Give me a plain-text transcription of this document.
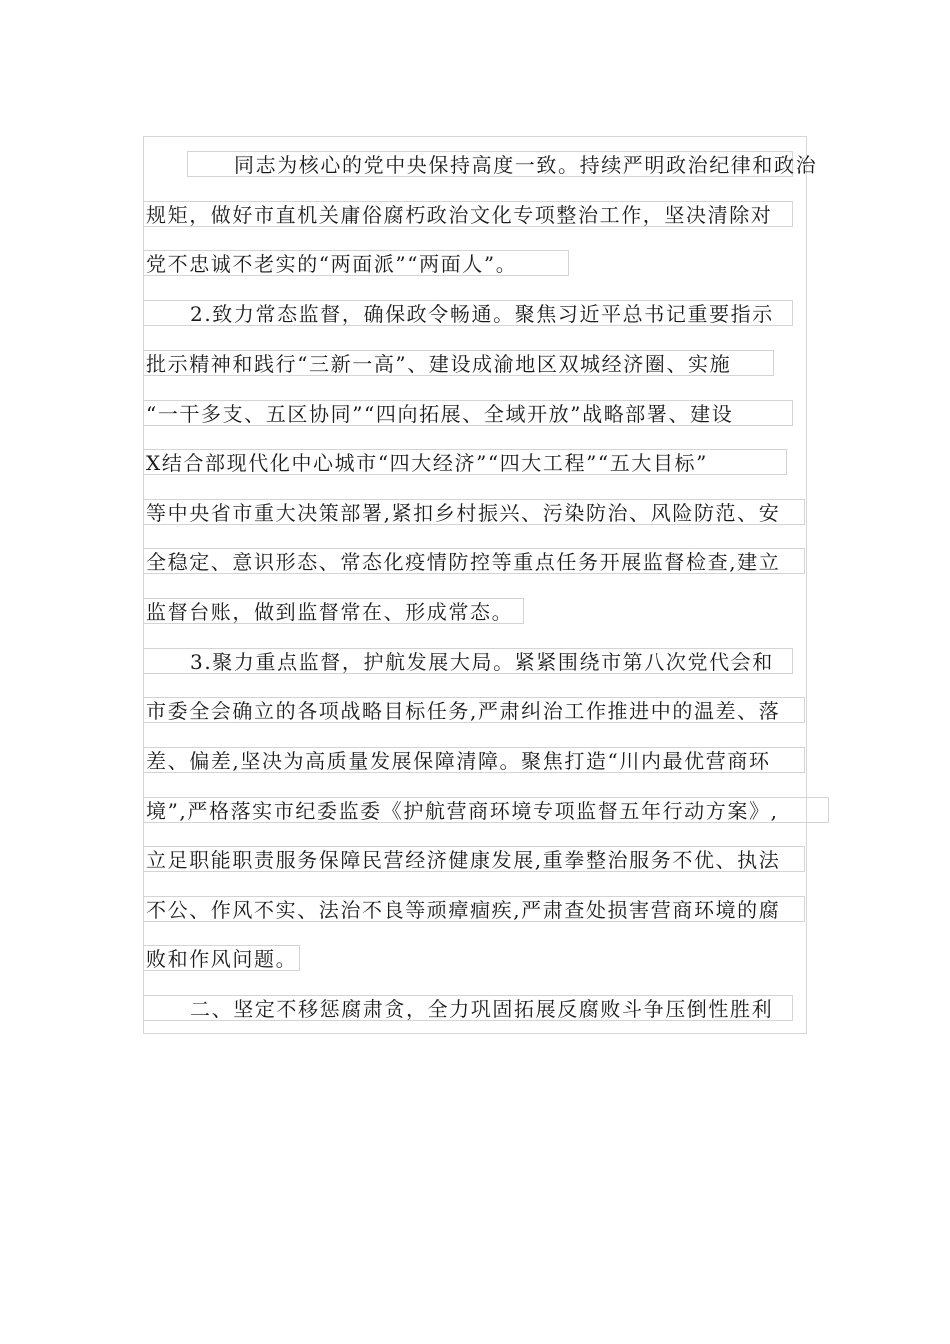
同志为核心的党中央保持高度一致。持续严明政治纪律和政治
规矩，做好市直机关庸俗腐朽政治文化专项整治工作，坚决清除对
党不忠诚不老实的“两面派”“两面人”。
2.致力常态监督，确保政令畅通。聚焦习近平总书记重要指示
批示精神和践行“三新一高”、建设成渝地区双城经济圈、实施
“一干多支、五区协同”“四向拓展、全域开放”战略部署、建设
X结合部现代化中心城市“四大经济”“四大工程”“五大目标”
等中央省市重大决策部署,紧扣乡村振兴、污染防治、风险防范、安
全稳定、意识形态、常态化疫情防控等重点任务开展监督检查,建立
监督台账，做到监督常在、形成常态。
3.聚力重点监督，护航发展大局。紧紧围绕市第八次党代会和
市委全会确立的各项战略目标任务,严肃纠治工作推进中的温差、落
差、偏差,坚决为高质量发展保障清障。聚焦打造“川内最优营商环
境”,严格落实市纪委监委《护航营商环境专项监督五年行动方案》,
立足职能职责服务保障民营经济健康发展,重拳整治服务不优、执法
不公、作风不实、法治不良等顽瘴痼疾,严肃查处损害营商环境的腐
败和作风问题。
二、坚定不移惩腐肃贪，全力巩固拓展反腐败斗争压倒性胜利
